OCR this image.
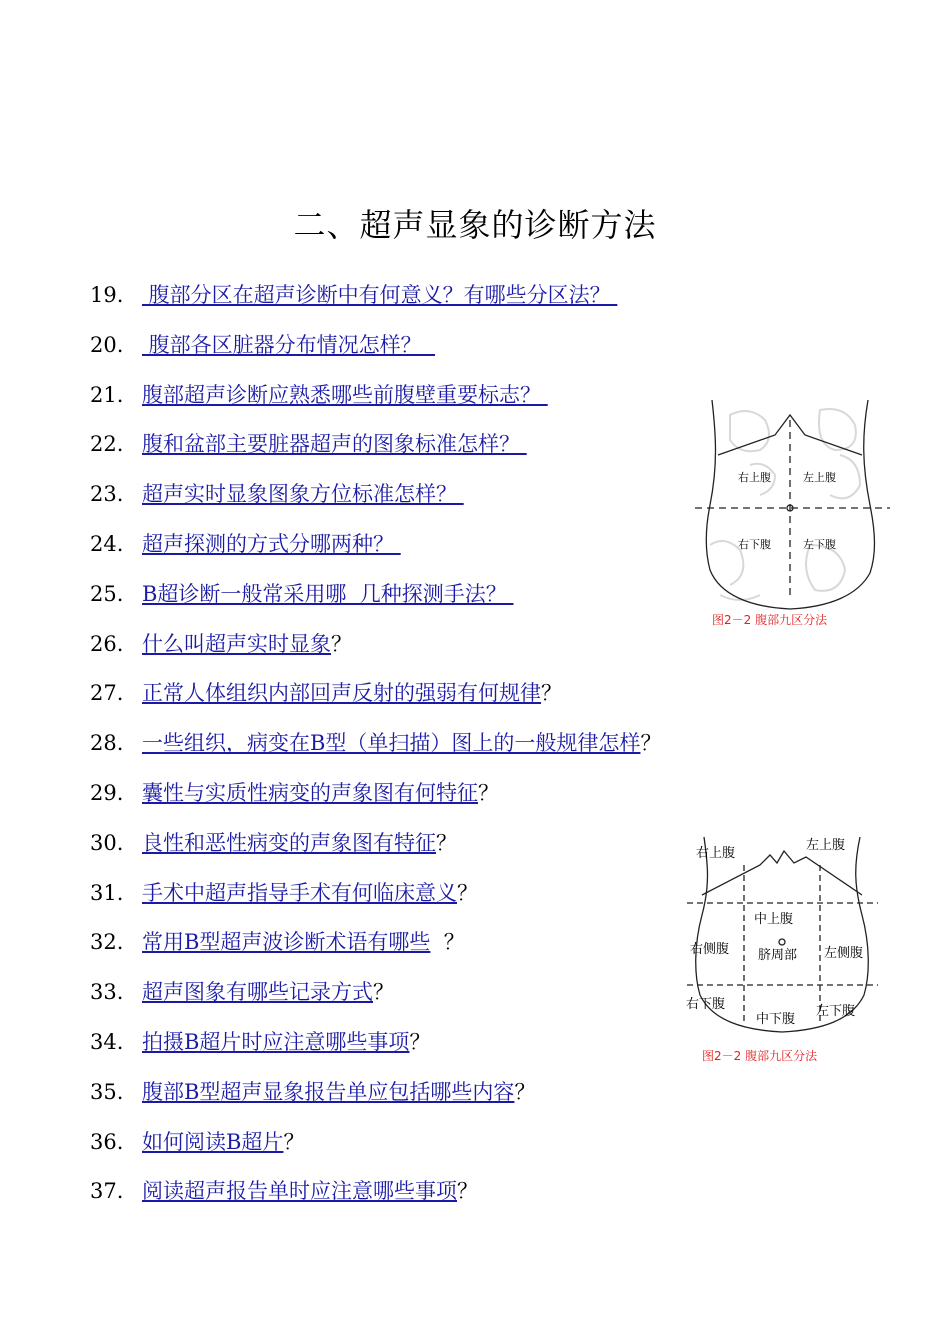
二、超声显象的诊断方法
19. 腹部分区在超声诊断中有何意义？有哪些分区法？
20. 腹部各区脏器分布情况怎样？
21. 腹部超声诊断应熟悉哪些前腹壁重要标志？
22. 腹和盆部主要脏器超声的图象标准怎样？
23. 超声实时显象图象方位标准怎样？
24. 超声探测的方式分哪两种？
25. B超诊断一般常采用哪  几种探测手法？
26. 什么叫超声实时显象？
27. 正常人体组织内部回声反射的强弱有何规律？
28. 一些组织，病变在B型（单扫描）图上的一般规律怎样？
29. 囊性与实质性病变的声象图有何特征？
30. 良性和恶性病变的声象图有特征？
31. 手术中超声指导手术有何临床意义？
32. 常用B型超声波诊断术语有哪些  ？
33. 超声图象有哪些记录方式？
34. 拍摄B超片时应注意哪些事项？
35. 腹部B型超声显象报告单应包括哪些内容？
36. 如何阅读B超片？
37. 阅读超声报告单时应注意哪些事项？
右上腹	左上腹
右下腹	左下腹
图2－2 腹部九区分法
右上腹
左上腹
中上腹
右侧腹 脐周部 左侧腹
右下腹
中下腹
左下腹
图2－2 腹部九区分法
